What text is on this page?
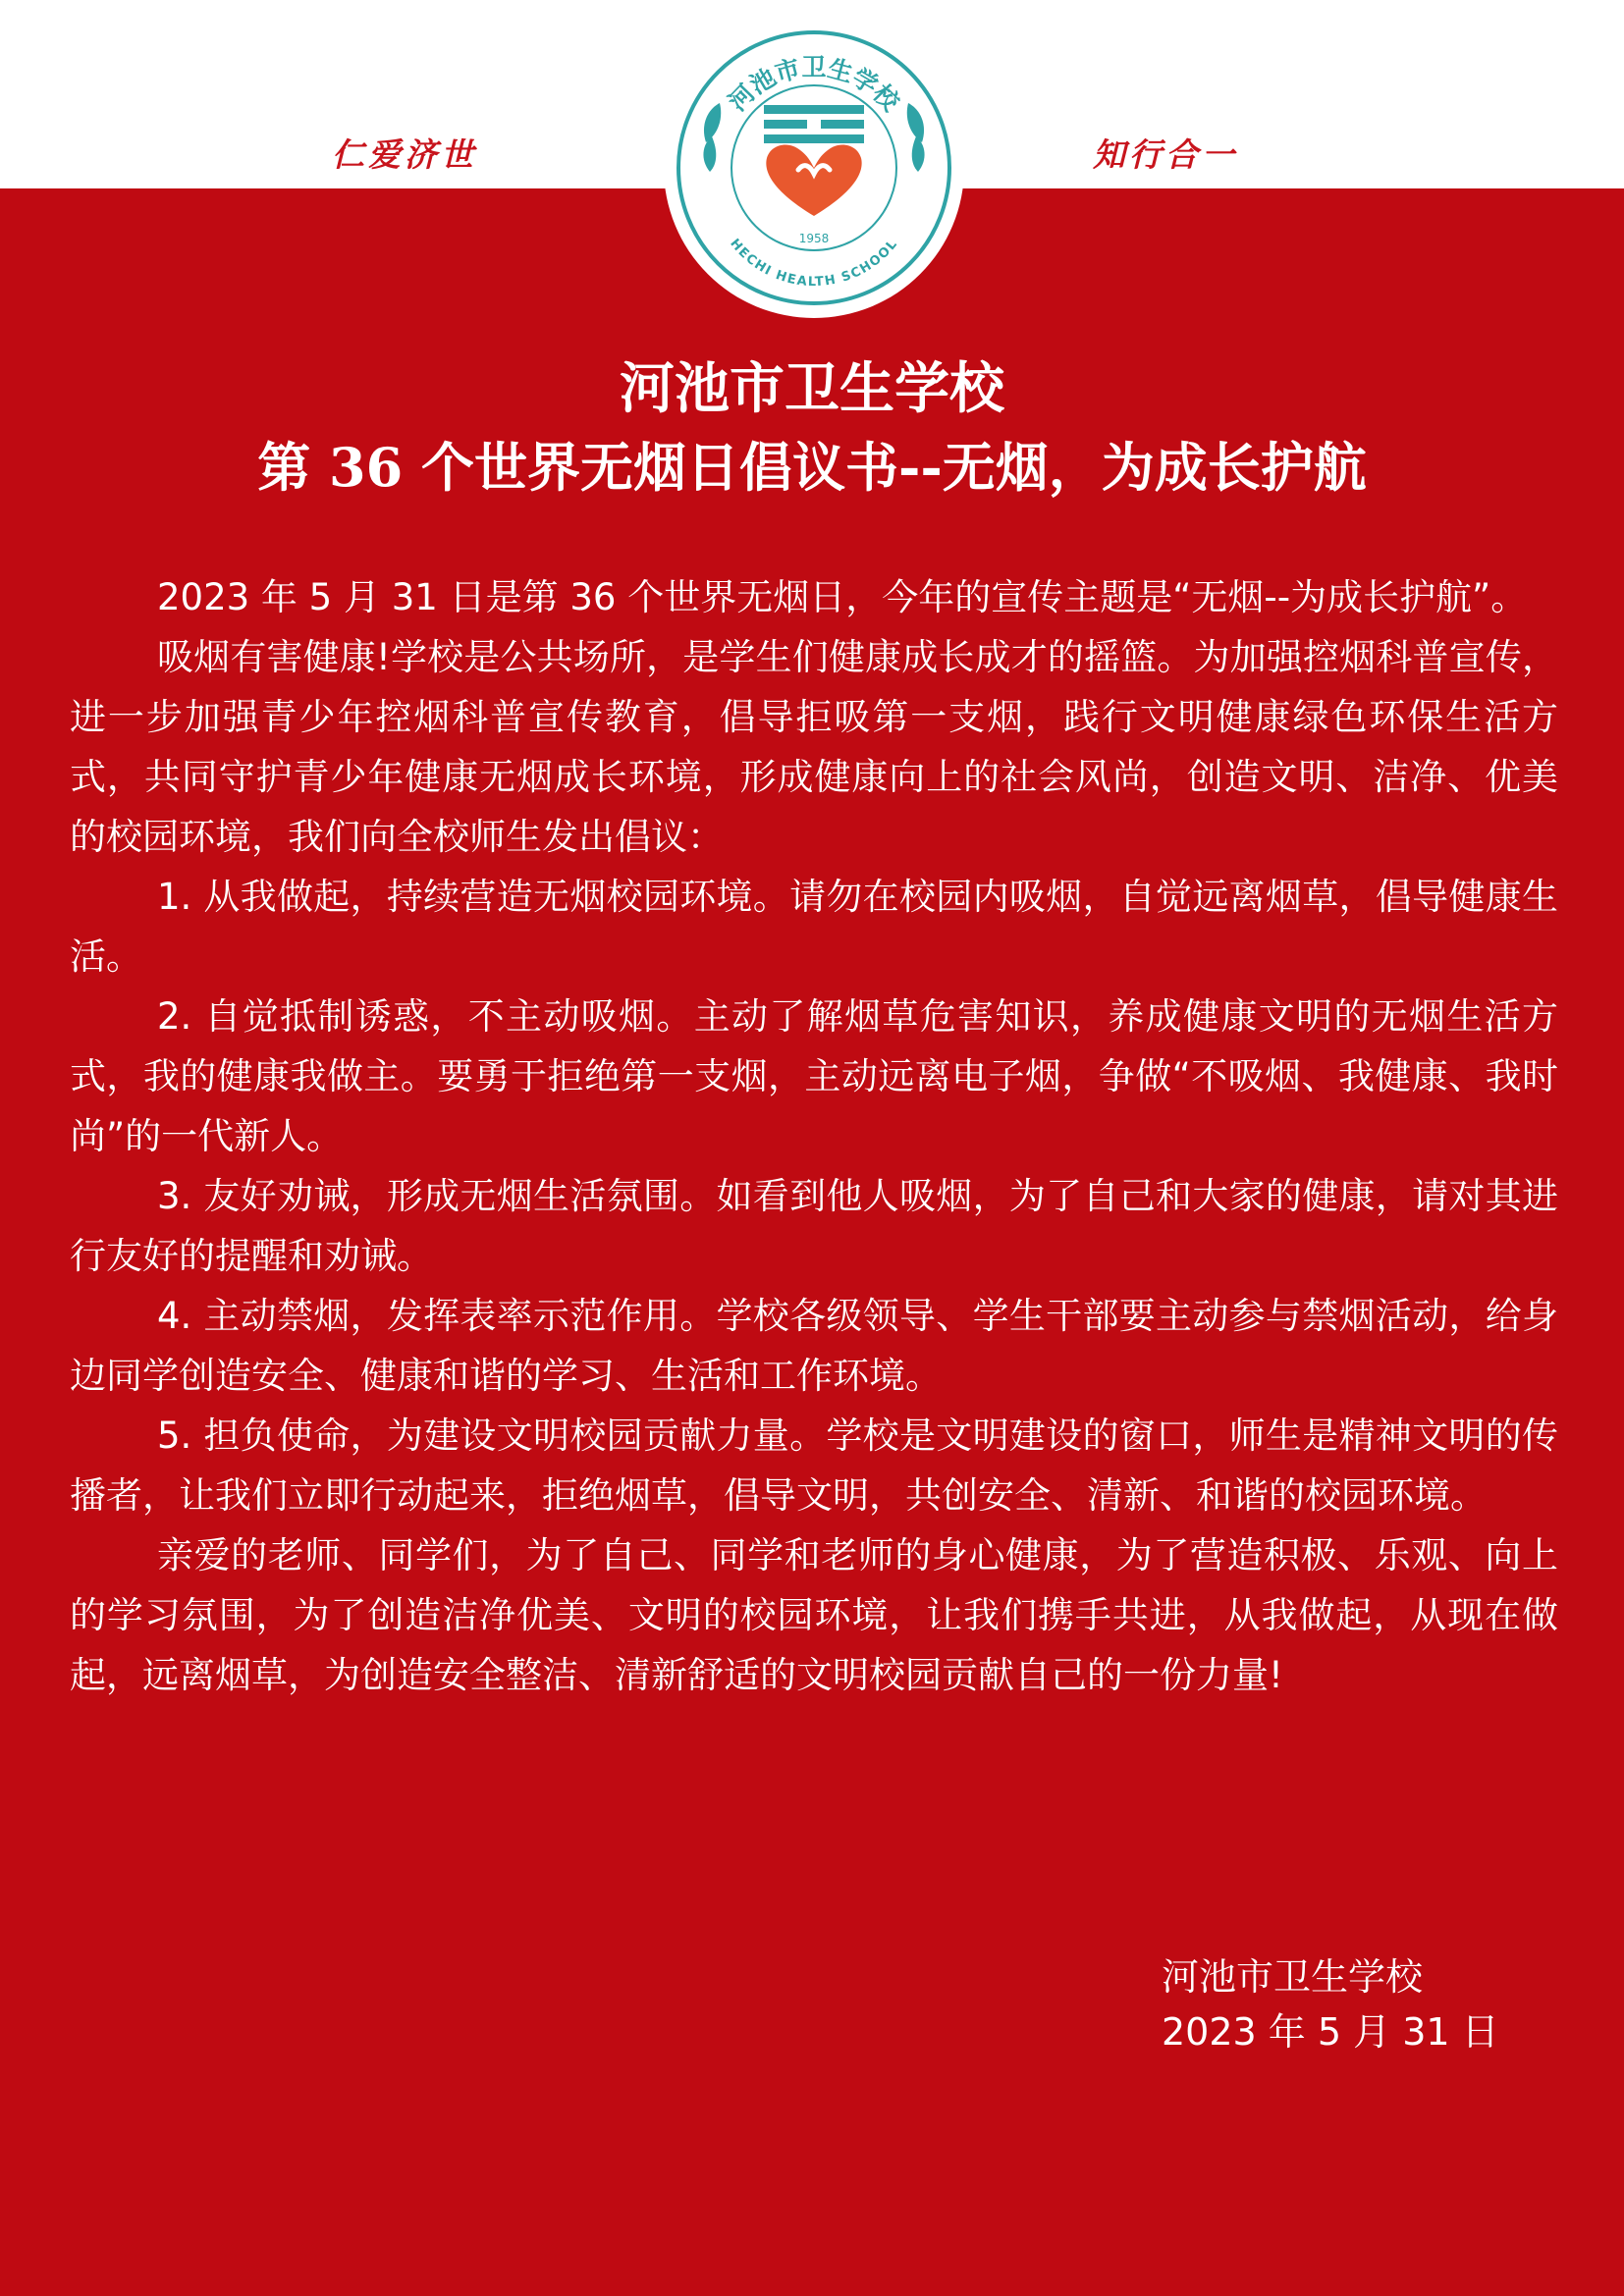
仁爱济世	知行合一
河池市卫生学校
HECHI HEALTH SCHOOL
1958
河池市卫生学校
第 36 个世界无烟日倡议书--无烟，为成长护航

2023 年 5 月 31 日是第 36 个世界无烟日，今年的宣传主题是“无烟--为成长护航”。

吸烟有害健康!学校是公共场所，是学生们健康成长成才的摇篮。为加强控烟科普宣传，进一步加强青少年控烟科普宣传教育，倡导拒吸第一支烟，践行文明健康绿色环保生活方式，共同守护青少年健康无烟成长环境，形成健康向上的社会风尚，创造文明、洁净、优美的校园环境，我们向全校师生发出倡议：

1. 从我做起，持续营造无烟校园环境。请勿在校园内吸烟，自觉远离烟草，倡导健康生活。

2. 自觉抵制诱惑，不主动吸烟。主动了解烟草危害知识，养成健康文明的无烟生活方式，我的健康我做主。要勇于拒绝第一支烟，主动远离电子烟，争做“不吸烟、我健康、我时尚”的一代新人。

3. 友好劝诫，形成无烟生活氛围。如看到他人吸烟，为了自己和大家的健康，请对其进行友好的提醒和劝诫。

4. 主动禁烟，发挥表率示范作用。学校各级领导、学生干部要主动参与禁烟活动，给身边同学创造安全、健康和谐的学习、生活和工作环境。

5. 担负使命，为建设文明校园贡献力量。学校是文明建设的窗口，师生是精神文明的传播者，让我们立即行动起来，拒绝烟草，倡导文明，共创安全、清新、和谐的校园环境。

亲爱的老师、同学们，为了自己、同学和老师的身心健康，为了营造积极、乐观、向上的学习氛围，为了创造洁净优美、文明的校园环境，让我们携手共进，从我做起，从现在做起，远离烟草，为创造安全整洁、清新舒适的文明校园贡献自己的一份力量!

河池市卫生学校
2023 年 5 月 31 日
